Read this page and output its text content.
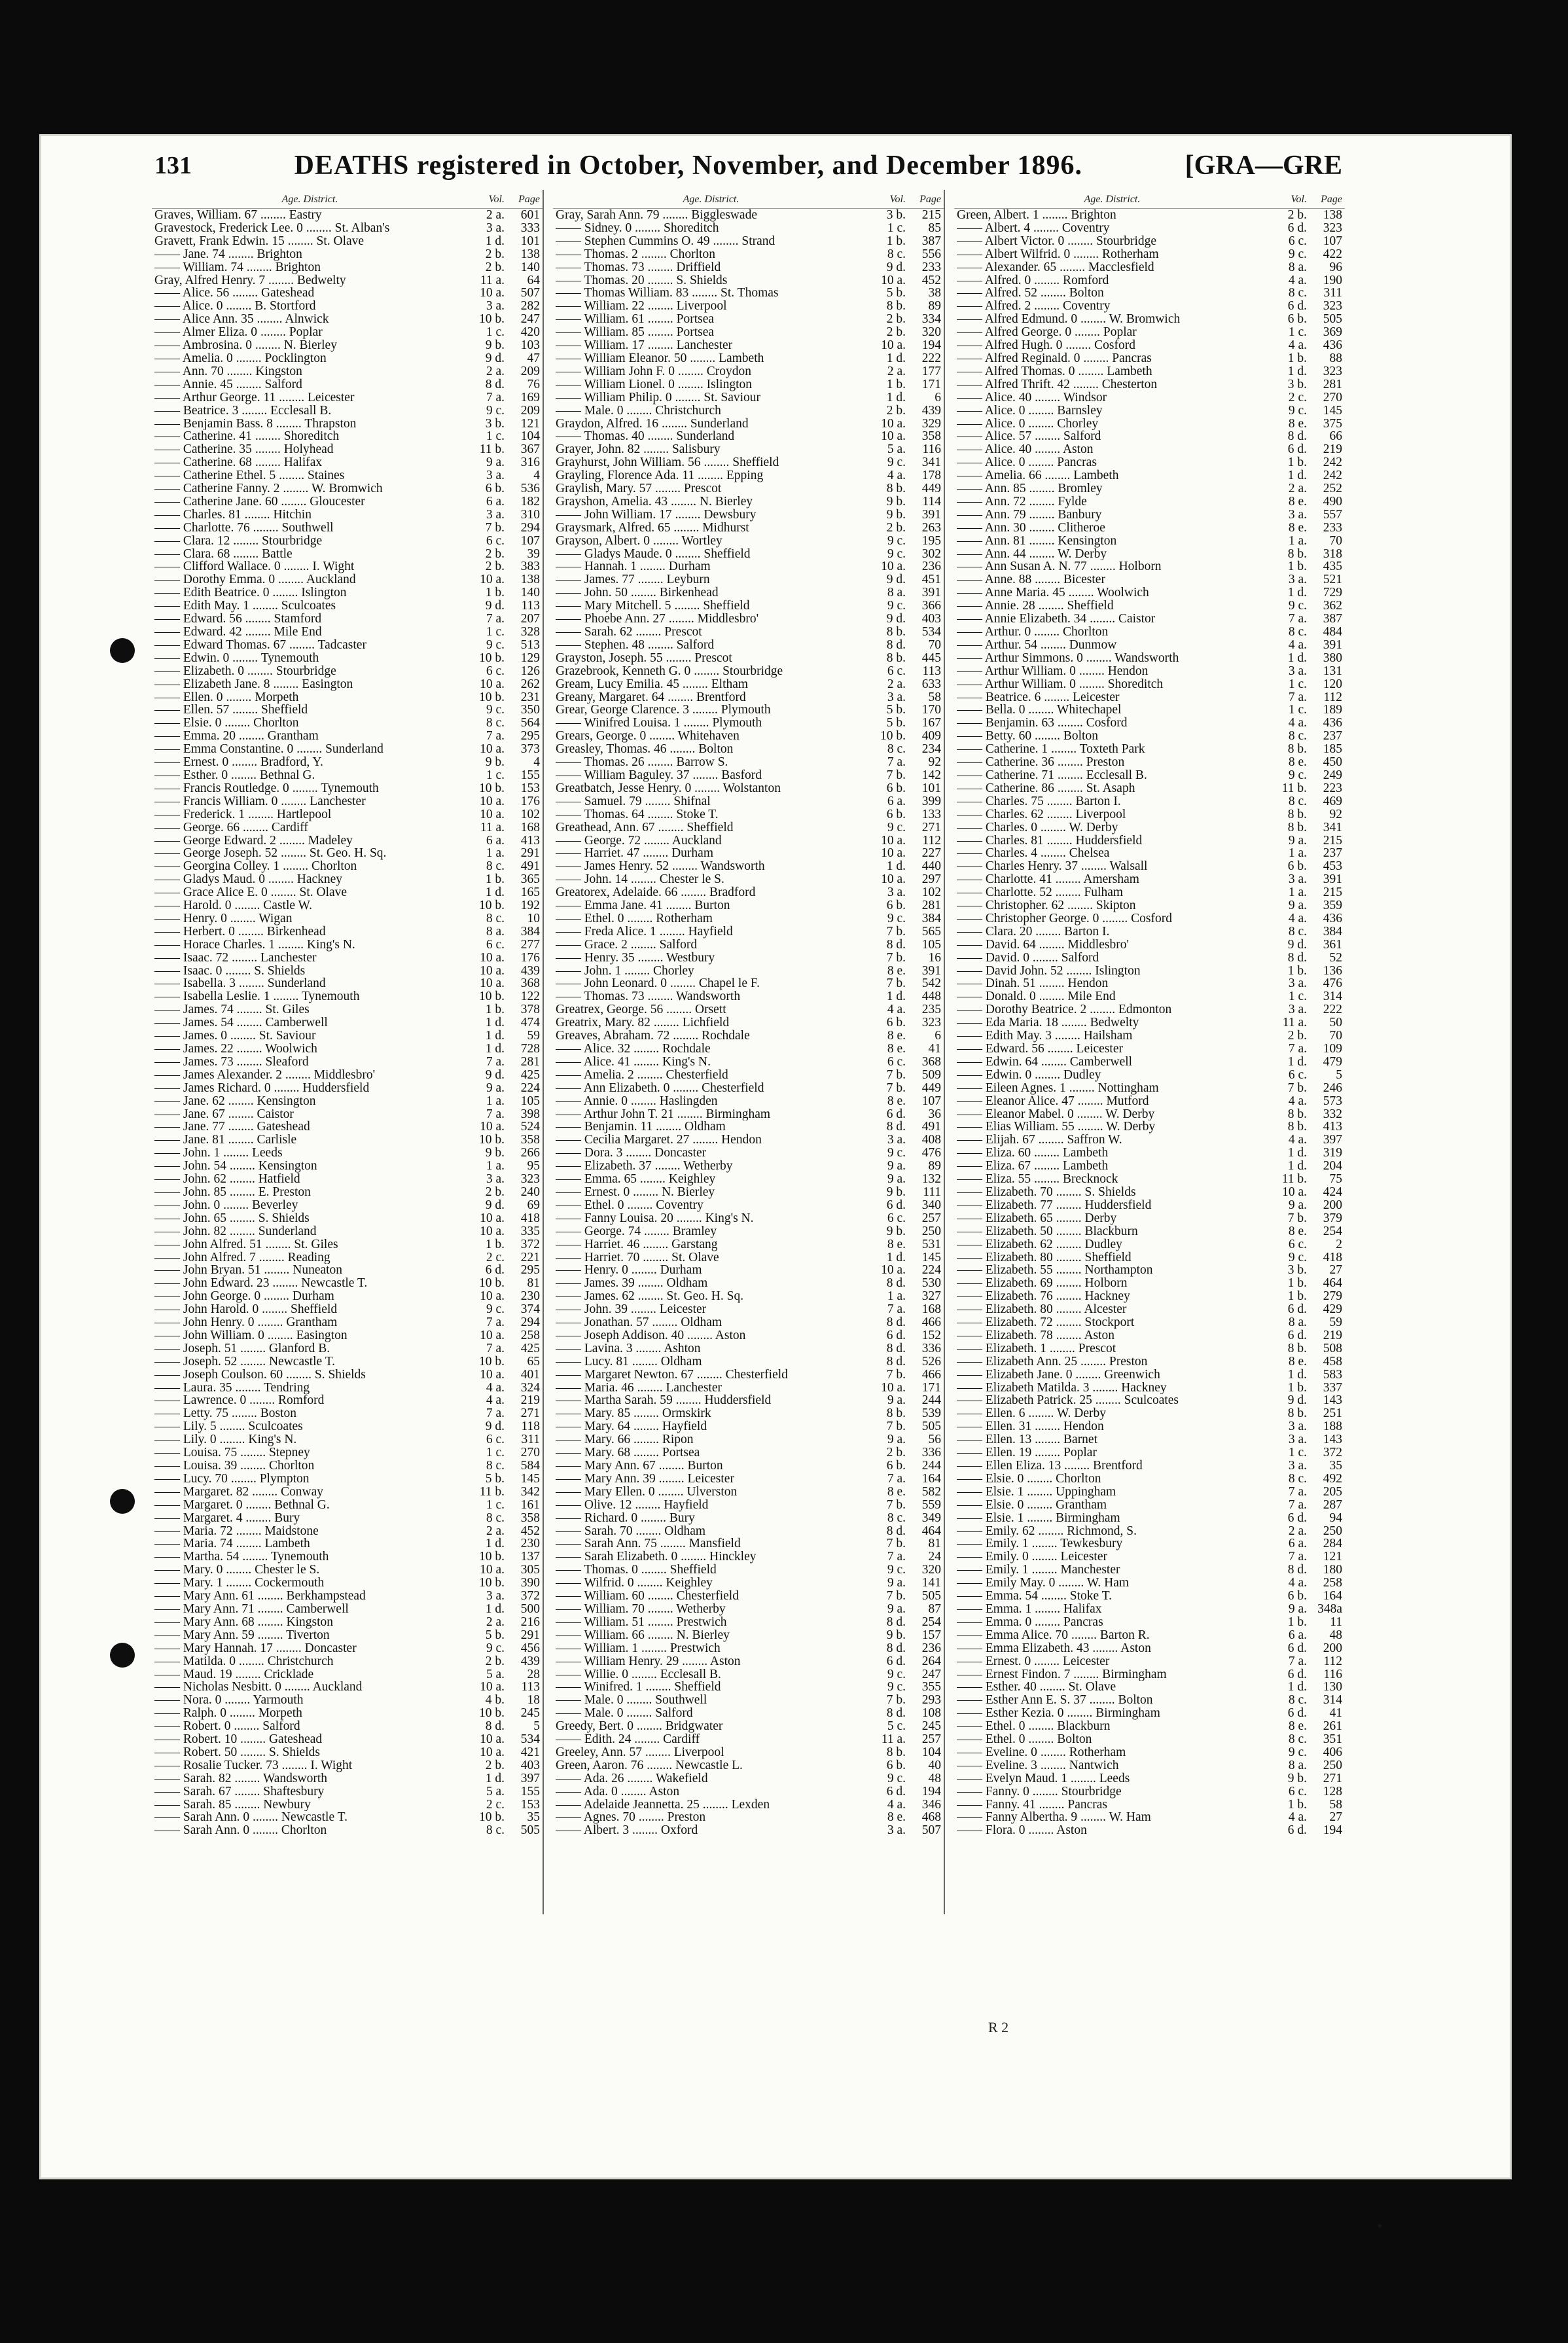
131	DEATHS registered in October, November, and December 1896.	[GRA—GRE
Age. District.	Vol.	Page
Graves, William. 67 ........ Eastry	2 a.	601
Gravestock, Frederick Lee. 0 ........ St. Alban's	3 a.	333
Gravett, Frank Edwin. 15 ........ St. Olave	1 d.	101
—— Jane. 74 ........ Brighton	2 b.	138
—— William. 74 ........ Brighton	2 b.	140
Gray, Alfred Henry. 7 ........ Bedwelty	11 a.	64
—— Alice. 56 ........ Gateshead	10 a.	507
—— Alice. 0 ........ B. Stortford	3 a.	282
—— Alice Ann. 35 ........ Alnwick	10 b.	247
—— Almer Eliza. 0 ........ Poplar	1 c.	420
—— Ambrosina. 0 ........ N. Bierley	9 b.	103
—— Amelia. 0 ........ Pocklington	9 d.	47
—— Ann. 70 ........ Kingston	2 a.	209
—— Annie. 45 ........ Salford	8 d.	76
—— Arthur George. 11 ........ Leicester	7 a.	169
—— Beatrice. 3 ........ Ecclesall B.	9 c.	209
—— Benjamin Bass. 8 ........ Thrapston	3 b.	121
—— Catherine. 41 ........ Shoreditch	1 c.	104
—— Catherine. 35 ........ Holyhead	11 b.	367
—— Catherine. 68 ........ Halifax	9 a.	316
—— Catherine Ethel. 5 ........ Staines	3 a.	4
—— Catherine Fanny. 2 ........ W. Bromwich	6 b.	536
—— Catherine Jane. 60 ........ Gloucester	6 a.	182
—— Charles. 81 ........ Hitchin	3 a.	310
—— Charlotte. 76 ........ Southwell	7 b.	294
—— Clara. 12 ........ Stourbridge	6 c.	107
—— Clara. 68 ........ Battle	2 b.	39
—— Clifford Wallace. 0 ........ I. Wight	2 b.	383
—— Dorothy Emma. 0 ........ Auckland	10 a.	138
—— Edith Beatrice. 0 ........ Islington	1 b.	140
—— Edith May. 1 ........ Sculcoates	9 d.	113
—— Edward. 56 ........ Stamford	7 a.	207
—— Edward. 42 ........ Mile End	1 c.	328
—— Edward Thomas. 67 ........ Tadcaster	9 c.	513
—— Edwin. 0 ........ Tynemouth	10 b.	129
—— Elizabeth. 0 ........ Stourbridge	6 c.	126
—— Elizabeth Jane. 8 ........ Easington	10 a.	262
—— Ellen. 0 ........ Morpeth	10 b.	231
—— Ellen. 57 ........ Sheffield	9 c.	350
—— Elsie. 0 ........ Chorlton	8 c.	564
—— Emma. 20 ........ Grantham	7 a.	295
—— Emma Constantine. 0 ........ Sunderland	10 a.	373
—— Ernest. 0 ........ Bradford, Y.	9 b.	4
—— Esther. 0 ........ Bethnal G.	1 c.	155
—— Francis Routledge. 0 ........ Tynemouth	10 b.	153
—— Francis William. 0 ........ Lanchester	10 a.	176
—— Frederick. 1 ........ Hartlepool	10 a.	102
—— George. 66 ........ Cardiff	11 a.	168
—— George Edward. 2 ........ Madeley	6 a.	413
—— George Joseph. 52 ........ St. Geo. H. Sq.	1 a.	291
—— Georgina Colley. 1 ........ Chorlton	8 c.	491
—— Gladys Maud. 0 ........ Hackney	1 b.	365
—— Grace Alice E. 0 ........ St. Olave	1 d.	165
—— Harold. 0 ........ Castle W.	10 b.	192
—— Henry. 0 ........ Wigan	8 c.	10
—— Herbert. 0 ........ Birkenhead	8 a.	384
—— Horace Charles. 1 ........ King's N.	6 c.	277
—— Isaac. 72 ........ Lanchester	10 a.	176
—— Isaac. 0 ........ S. Shields	10 a.	439
—— Isabella. 3 ........ Sunderland	10 a.	368
—— Isabella Leslie. 1 ........ Tynemouth	10 b.	122
—— James. 74 ........ St. Giles	1 b.	378
—— James. 54 ........ Camberwell	1 d.	474
—— James. 0 ........ St. Saviour	1 d.	59
—— James. 22 ........ Woolwich	1 d.	728
—— James. 73 ........ Sleaford	7 a.	281
—— James Alexander. 2 ........ Middlesbro'	9 d.	425
—— James Richard. 0 ........ Huddersfield	9 a.	224
—— Jane. 62 ........ Kensington	1 a.	105
—— Jane. 67 ........ Caistor	7 a.	398
—— Jane. 77 ........ Gateshead	10 a.	524
—— Jane. 81 ........ Carlisle	10 b.	358
—— John. 1 ........ Leeds	9 b.	266
—— John. 54 ........ Kensington	1 a.	95
—— John. 62 ........ Hatfield	3 a.	323
—— John. 85 ........ E. Preston	2 b.	240
—— John. 0 ........ Beverley	9 d.	69
—— John. 65 ........ S. Shields	10 a.	418
—— John. 82 ........ Sunderland	10 a.	335
—— John Alfred. 51 ........ St. Giles	1 b.	372
—— John Alfred. 7 ........ Reading	2 c.	221
—— John Bryan. 51 ........ Nuneaton	6 d.	295
—— John Edward. 23 ........ Newcastle T.	10 b.	81
—— John George. 0 ........ Durham	10 a.	230
—— John Harold. 0 ........ Sheffield	9 c.	374
—— John Henry. 0 ........ Grantham	7 a.	294
—— John William. 0 ........ Easington	10 a.	258
—— Joseph. 51 ........ Glanford B.	7 a.	425
—— Joseph. 52 ........ Newcastle T.	10 b.	65
—— Joseph Coulson. 60 ........ S. Shields	10 a.	401
—— Laura. 35 ........ Tendring	4 a.	324
—— Lawrence. 0 ........ Romford	4 a.	219
—— Letty. 75 ........ Boston	7 a.	271
—— Lily. 5 ........ Sculcoates	9 d.	118
—— Lily. 0 ........ King's N.	6 c.	311
—— Louisa. 75 ........ Stepney	1 c.	270
—— Louisa. 39 ........ Chorlton	8 c.	584
—— Lucy. 70 ........ Plympton	5 b.	145
—— Margaret. 82 ........ Conway	11 b.	342
—— Margaret. 0 ........ Bethnal G.	1 c.	161
—— Margaret. 4 ........ Bury	8 c.	358
—— Maria. 72 ........ Maidstone	2 a.	452
—— Maria. 74 ........ Lambeth	1 d.	230
—— Martha. 54 ........ Tynemouth	10 b.	137
—— Mary. 0 ........ Chester le S.	10 a.	305
—— Mary. 1 ........ Cockermouth	10 b.	390
—— Mary Ann. 61 ........ Berkhampstead	3 a.	372
—— Mary Ann. 71 ........ Camberwell	1 d.	500
—— Mary Ann. 68 ........ Kingston	2 a.	216
—— Mary Ann. 59 ........ Tiverton	5 b.	291
—— Mary Hannah. 17 ........ Doncaster	9 c.	456
—— Matilda. 0 ........ Christchurch	2 b.	439
—— Maud. 19 ........ Cricklade	5 a.	28
—— Nicholas Nesbitt. 0 ........ Auckland	10 a.	113
—— Nora. 0 ........ Yarmouth	4 b.	18
—— Ralph. 0 ........ Morpeth	10 b.	245
—— Robert. 0 ........ Salford	8 d.	5
—— Robert. 10 ........ Gateshead	10 a.	534
—— Robert. 50 ........ S. Shields	10 a.	421
—— Rosalie Tucker. 73 ........ I. Wight	2 b.	403
—— Sarah. 82 ........ Wandsworth	1 d.	397
—— Sarah. 67 ........ Shaftesbury	5 a.	155
—— Sarah. 85 ........ Newbury	2 c.	153
—— Sarah Ann. 0 ........ Newcastle T.	10 b.	35
—— Sarah Ann. 0 ........ Chorlton	8 c.	505
Age. District.	Vol.	Page
Gray, Sarah Ann. 79 ........ Biggleswade	3 b.	215
—— Sidney. 0 ........ Shoreditch	1 c.	85
—— Stephen Cummins O. 49 ........ Strand	1 b.	387
—— Thomas. 2 ........ Chorlton	8 c.	556
—— Thomas. 73 ........ Driffield	9 d.	233
—— Thomas. 20 ........ S. Shields	10 a.	452
—— Thomas William. 83 ........ St. Thomas	5 b.	38
—— William. 22 ........ Liverpool	8 b.	89
—— William. 61 ........ Portsea	2 b.	334
—— William. 85 ........ Portsea	2 b.	320
—— William. 17 ........ Lanchester	10 a.	194
—— William Eleanor. 50 ........ Lambeth	1 d.	222
—— William John F. 0 ........ Croydon	2 a.	177
—— William Lionel. 0 ........ Islington	1 b.	171
—— William Philip. 0 ........ St. Saviour	1 d.	6
—— Male. 0 ........ Christchurch	2 b.	439
Graydon, Alfred. 16 ........ Sunderland	10 a.	329
—— Thomas. 40 ........ Sunderland	10 a.	358
Grayer, John. 82 ........ Salisbury	5 a.	116
Grayhurst, John William. 56 ........ Sheffield	9 c.	341
Grayling, Florence Ada. 11 ........ Epping	4 a.	178
Graylish, Mary. 57 ........ Prescot	8 b.	449
Grayshon, Amelia. 43 ........ N. Bierley	9 b.	114
—— John William. 17 ........ Dewsbury	9 b.	391
Graysmark, Alfred. 65 ........ Midhurst	2 b.	263
Grayson, Albert. 0 ........ Wortley	9 c.	195
—— Gladys Maude. 0 ........ Sheffield	9 c.	302
—— Hannah. 1 ........ Durham	10 a.	236
—— James. 77 ........ Leyburn	9 d.	451
—— John. 50 ........ Birkenhead	8 a.	391
—— Mary Mitchell. 5 ........ Sheffield	9 c.	366
—— Phoebe Ann. 27 ........ Middlesbro'	9 d.	403
—— Sarah. 62 ........ Prescot	8 b.	534
—— Stephen. 48 ........ Salford	8 d.	70
Grayston, Joseph. 55 ........ Prescot	8 b.	445
Grazebrook, Kenneth G. 0 ........ Stourbridge	6 c.	113
Gream, Lucy Emilia. 45 ........ Eltham	2 a.	633
Greany, Margaret. 64 ........ Brentford	3 a.	58
Grear, George Clarence. 3 ........ Plymouth	5 b.	170
—— Winifred Louisa. 1 ........ Plymouth	5 b.	167
Grears, George. 0 ........ Whitehaven	10 b.	409
Greasley, Thomas. 46 ........ Bolton	8 c.	234
—— Thomas. 26 ........ Barrow S.	7 a.	92
—— William Baguley. 37 ........ Basford	7 b.	142
Greatbatch, Jesse Henry. 0 ........ Wolstanton	6 b.	101
—— Samuel. 79 ........ Shifnal	6 a.	399
—— Thomas. 64 ........ Stoke T.	6 b.	133
Greathead, Ann. 67 ........ Sheffield	9 c.	271
—— George. 72 ........ Auckland	10 a.	112
—— Harriet. 47 ........ Durham	10 a.	227
—— James Henry. 52 ........ Wandsworth	1 d.	440
—— John. 14 ........ Chester le S.	10 a.	297
Greatorex, Adelaide. 66 ........ Bradford	3 a.	102
—— Emma Jane. 41 ........ Burton	6 b.	281
—— Ethel. 0 ........ Rotherham	9 c.	384
—— Freda Alice. 1 ........ Hayfield	7 b.	565
—— Grace. 2 ........ Salford	8 d.	105
—— Henry. 35 ........ Westbury	7 b.	16
—— John. 1 ........ Chorley	8 e.	391
—— John Leonard. 0 ........ Chapel le F.	7 b.	542
—— Thomas. 73 ........ Wandsworth	1 d.	448
Greatrex, George. 56 ........ Orsett	4 a.	235
Greatrix, Mary. 82 ........ Lichfield	6 b.	323
Greaves, Abraham. 72 ........ Rochdale	8 e.	6
—— Alice. 32 ........ Rochdale	8 e.	41
—— Alice. 41 ........ King's N.	6 c.	368
—— Amelia. 2 ........ Chesterfield	7 b.	509
—— Ann Elizabeth. 0 ........ Chesterfield	7 b.	449
—— Annie. 0 ........ Haslingden	8 e.	107
—— Arthur John T. 21 ........ Birmingham	6 d.	36
—— Benjamin. 11 ........ Oldham	8 d.	491
—— Cecilia Margaret. 27 ........ Hendon	3 a.	408
—— Dora. 3 ........ Doncaster	9 c.	476
—— Elizabeth. 37 ........ Wetherby	9 a.	89
—— Emma. 65 ........ Keighley	9 a.	132
—— Ernest. 0 ........ N. Bierley	9 b.	111
—— Ethel. 0 ........ Coventry	6 d.	340
—— Fanny Louisa. 20 ........ King's N.	6 c.	257
—— George. 74 ........ Bramley	9 b.	250
—— Harriet. 46 ........ Garstang	8 e.	531
—— Harriet. 70 ........ St. Olave	1 d.	145
—— Henry. 0 ........ Durham	10 a.	224
—— James. 39 ........ Oldham	8 d.	530
—— James. 62 ........ St. Geo. H. Sq.	1 a.	327
—— John. 39 ........ Leicester	7 a.	168
—— Jonathan. 57 ........ Oldham	8 d.	466
—— Joseph Addison. 40 ........ Aston	6 d.	152
—— Lavina. 3 ........ Ashton	8 d.	336
—— Lucy. 81 ........ Oldham	8 d.	526
—— Margaret Newton. 67 ........ Chesterfield	7 b.	466
—— Maria. 46 ........ Lanchester	10 a.	171
—— Martha Sarah. 59 ........ Huddersfield	9 a.	244
—— Mary. 85 ........ Ormskirk	8 b.	539
—— Mary. 64 ........ Hayfield	7 b.	505
—— Mary. 66 ........ Ripon	9 a.	56
—— Mary. 68 ........ Portsea	2 b.	336
—— Mary Ann. 67 ........ Burton	6 b.	244
—— Mary Ann. 39 ........ Leicester	7 a.	164
—— Mary Ellen. 0 ........ Ulverston	8 e.	582
—— Olive. 12 ........ Hayfield	7 b.	559
—— Richard. 0 ........ Bury	8 c.	349
—— Sarah. 70 ........ Oldham	8 d.	464
—— Sarah Ann. 75 ........ Mansfield	7 b.	81
—— Sarah Elizabeth. 0 ........ Hinckley	7 a.	24
—— Thomas. 0 ........ Sheffield	9 c.	320
—— Wilfrid. 0 ........ Keighley	9 a.	141
—— William. 60 ........ Chesterfield	7 b.	505
—— William. 70 ........ Wetherby	9 a.	87
—— William. 51 ........ Prestwich	8 d.	254
—— William. 66 ........ N. Bierley	9 b.	157
—— William. 1 ........ Prestwich	8 d.	236
—— William Henry. 29 ........ Aston	6 d.	264
—— Willie. 0 ........ Ecclesall B.	9 c.	247
—— Winifred. 1 ........ Sheffield	9 c.	355
—— Male. 0 ........ Southwell	7 b.	293
—— Male. 0 ........ Salford	8 d.	108
Greedy, Bert. 0 ........ Bridgwater	5 c.	245
—— Edith. 24 ........ Cardiff	11 a.	257
Greeley, Ann. 57 ........ Liverpool	8 b.	104
Green, Aaron. 76 ........ Newcastle L.	6 b.	40
—— Ada. 26 ........ Wakefield	9 c.	48
—— Ada. 0 ........ Aston	6 d.	194
—— Adelaide Jeannetta. 25 ........ Lexden	4 a.	346
—— Agnes. 70 ........ Preston	8 e.	468
—— Albert. 3 ........ Oxford	3 a.	507
Age. District.	Vol.	Page
Green, Albert. 1 ........ Brighton	2 b.	138
—— Albert. 4 ........ Coventry	6 d.	323
—— Albert Victor. 0 ........ Stourbridge	6 c.	107
—— Albert Wilfrid. 0 ........ Rotherham	9 c.	422
—— Alexander. 65 ........ Macclesfield	8 a.	96
—— Alfred. 0 ........ Romford	4 a.	190
—— Alfred. 52 ........ Bolton	8 c.	311
—— Alfred. 2 ........ Coventry	6 d.	323
—— Alfred Edmund. 0 ........ W. Bromwich	6 b.	505
—— Alfred George. 0 ........ Poplar	1 c.	369
—— Alfred Hugh. 0 ........ Cosford	4 a.	436
—— Alfred Reginald. 0 ........ Pancras	1 b.	88
—— Alfred Thomas. 0 ........ Lambeth	1 d.	323
—— Alfred Thrift. 42 ........ Chesterton	3 b.	281
—— Alice. 40 ........ Windsor	2 c.	270
—— Alice. 0 ........ Barnsley	9 c.	145
—— Alice. 0 ........ Chorley	8 e.	375
—— Alice. 57 ........ Salford	8 d.	66
—— Alice. 40 ........ Aston	6 d.	219
—— Alice. 0 ........ Pancras	1 b.	242
—— Amelia. 66 ........ Lambeth	1 d.	242
—— Ann. 85 ........ Bromley	2 a.	252
—— Ann. 72 ........ Fylde	8 e.	490
—— Ann. 79 ........ Banbury	3 a.	557
—— Ann. 30 ........ Clitheroe	8 e.	233
—— Ann. 81 ........ Kensington	1 a.	70
—— Ann. 44 ........ W. Derby	8 b.	318
—— Ann Susan A. N. 77 ........ Holborn	1 b.	435
—— Anne. 88 ........ Bicester	3 a.	521
—— Anne Maria. 45 ........ Woolwich	1 d.	729
—— Annie. 28 ........ Sheffield	9 c.	362
—— Annie Elizabeth. 34 ........ Caistor	7 a.	387
—— Arthur. 0 ........ Chorlton	8 c.	484
—— Arthur. 54 ........ Dunmow	4 a.	391
—— Arthur Simmons. 0 ........ Wandsworth	1 d.	380
—— Arthur William. 0 ........ Hendon	3 a.	131
—— Arthur William. 0 ........ Shoreditch	1 c.	120
—— Beatrice. 6 ........ Leicester	7 a.	112
—— Bella. 0 ........ Whitechapel	1 c.	189
—— Benjamin. 63 ........ Cosford	4 a.	436
—— Betty. 60 ........ Bolton	8 c.	237
—— Catherine. 1 ........ Toxteth Park	8 b.	185
—— Catherine. 36 ........ Preston	8 e.	450
—— Catherine. 71 ........ Ecclesall B.	9 c.	249
—— Catherine. 86 ........ St. Asaph	11 b.	223
—— Charles. 75 ........ Barton I.	8 c.	469
—— Charles. 62 ........ Liverpool	8 b.	92
—— Charles. 0 ........ W. Derby	8 b.	341
—— Charles. 81 ........ Huddersfield	9 a.	215
—— Charles. 4 ........ Chelsea	1 a.	237
—— Charles Henry. 37 ........ Walsall	6 b.	453
—— Charlotte. 41 ........ Amersham	3 a.	391
—— Charlotte. 52 ........ Fulham	1 a.	215
—— Christopher. 62 ........ Skipton	9 a.	359
—— Christopher George. 0 ........ Cosford	4 a.	436
—— Clara. 20 ........ Barton I.	8 c.	384
—— David. 64 ........ Middlesbro'	9 d.	361
—— David. 0 ........ Salford	8 d.	52
—— David John. 52 ........ Islington	1 b.	136
—— Dinah. 51 ........ Hendon	3 a.	476
—— Donald. 0 ........ Mile End	1 c.	314
—— Dorothy Beatrice. 2 ........ Edmonton	3 a.	222
—— Eda Maria. 18 ........ Bedwelty	11 a.	50
—— Edith May. 3 ........ Hailsham	2 b.	70
—— Edward. 56 ........ Leicester	7 a.	109
—— Edwin. 64 ........ Camberwell	1 d.	479
—— Edwin. 0 ........ Dudley	6 c.	5
—— Eileen Agnes. 1 ........ Nottingham	7 b.	246
—— Eleanor Alice. 47 ........ Mutford	4 a.	573
—— Eleanor Mabel. 0 ........ W. Derby	8 b.	332
—— Elias William. 55 ........ W. Derby	8 b.	413
—— Elijah. 67 ........ Saffron W.	4 a.	397
—— Eliza. 60 ........ Lambeth	1 d.	319
—— Eliza. 67 ........ Lambeth	1 d.	204
—— Eliza. 55 ........ Brecknock	11 b.	75
—— Elizabeth. 70 ........ S. Shields	10 a.	424
—— Elizabeth. 77 ........ Huddersfield	9 a.	200
—— Elizabeth. 65 ........ Derby	7 b.	379
—— Elizabeth. 50 ........ Blackburn	8 e.	254
—— Elizabeth. 62 ........ Dudley	6 c.	2
—— Elizabeth. 80 ........ Sheffield	9 c.	418
—— Elizabeth. 55 ........ Northampton	3 b.	27
—— Elizabeth. 69 ........ Holborn	1 b.	464
—— Elizabeth. 76 ........ Hackney	1 b.	279
—— Elizabeth. 80 ........ Alcester	6 d.	429
—— Elizabeth. 72 ........ Stockport	8 a.	59
—— Elizabeth. 78 ........ Aston	6 d.	219
—— Elizabeth. 1 ........ Prescot	8 b.	508
—— Elizabeth Ann. 25 ........ Preston	8 e.	458
—— Elizabeth Jane. 0 ........ Greenwich	1 d.	583
—— Elizabeth Matilda. 3 ........ Hackney	1 b.	337
—— Elizabeth Patrick. 25 ........ Sculcoates	9 d.	143
—— Ellen. 6 ........ W. Derby	8 b.	251
—— Ellen. 31 ........ Hendon	3 a.	188
—— Ellen. 13 ........ Barnet	3 a.	143
—— Ellen. 19 ........ Poplar	1 c.	372
—— Ellen Eliza. 13 ........ Brentford	3 a.	35
—— Elsie. 0 ........ Chorlton	8 c.	492
—— Elsie. 1 ........ Uppingham	7 a.	205
—— Elsie. 0 ........ Grantham	7 a.	287
—— Elsie. 1 ........ Birmingham	6 d.	94
—— Emily. 62 ........ Richmond, S.	2 a.	250
—— Emily. 1 ........ Tewkesbury	6 a.	284
—— Emily. 0 ........ Leicester	7 a.	121
—— Emily. 1 ........ Manchester	8 d.	180
—— Emily May. 0 ........ W. Ham	4 a.	258
—— Emma. 54 ........ Stoke T.	6 b.	164
—— Emma. 1 ........ Halifax	9 a. 348a
—— Emma. 0 ........ Pancras	1 b.	11
—— Emma Alice. 70 ........ Barton R.	6 a.	48
—— Emma Elizabeth. 43 ........ Aston	6 d.	200
—— Ernest. 0 ........ Leicester	7 a.	112
—— Ernest Findon. 7 ........ Birmingham	6 d.	116
—— Esther. 40 ........ St. Olave	1 d.	130
—— Esther Ann E. S. 37 ........ Bolton	8 c.	314
—— Esther Kezia. 0 ........ Birmingham	6 d.	41
—— Ethel. 0 ........ Blackburn	8 e.	261
—— Ethel. 0 ........ Bolton	8 c.	351
—— Eveline. 0 ........ Rotherham	9 c.	406
—— Eveline. 3 ........ Nantwich	8 a.	250
—— Evelyn Maud. 1 ........ Leeds	9 b.	271
—— Fanny. 0 ........ Stourbridge	6 c.	128
—— Fanny. 41 ........ Pancras	1 b.	58
—— Fanny Albertha. 9 ........ W. Ham	4 a.	27
—— Flora. 0 ........ Aston	6 d.	194
R 2
